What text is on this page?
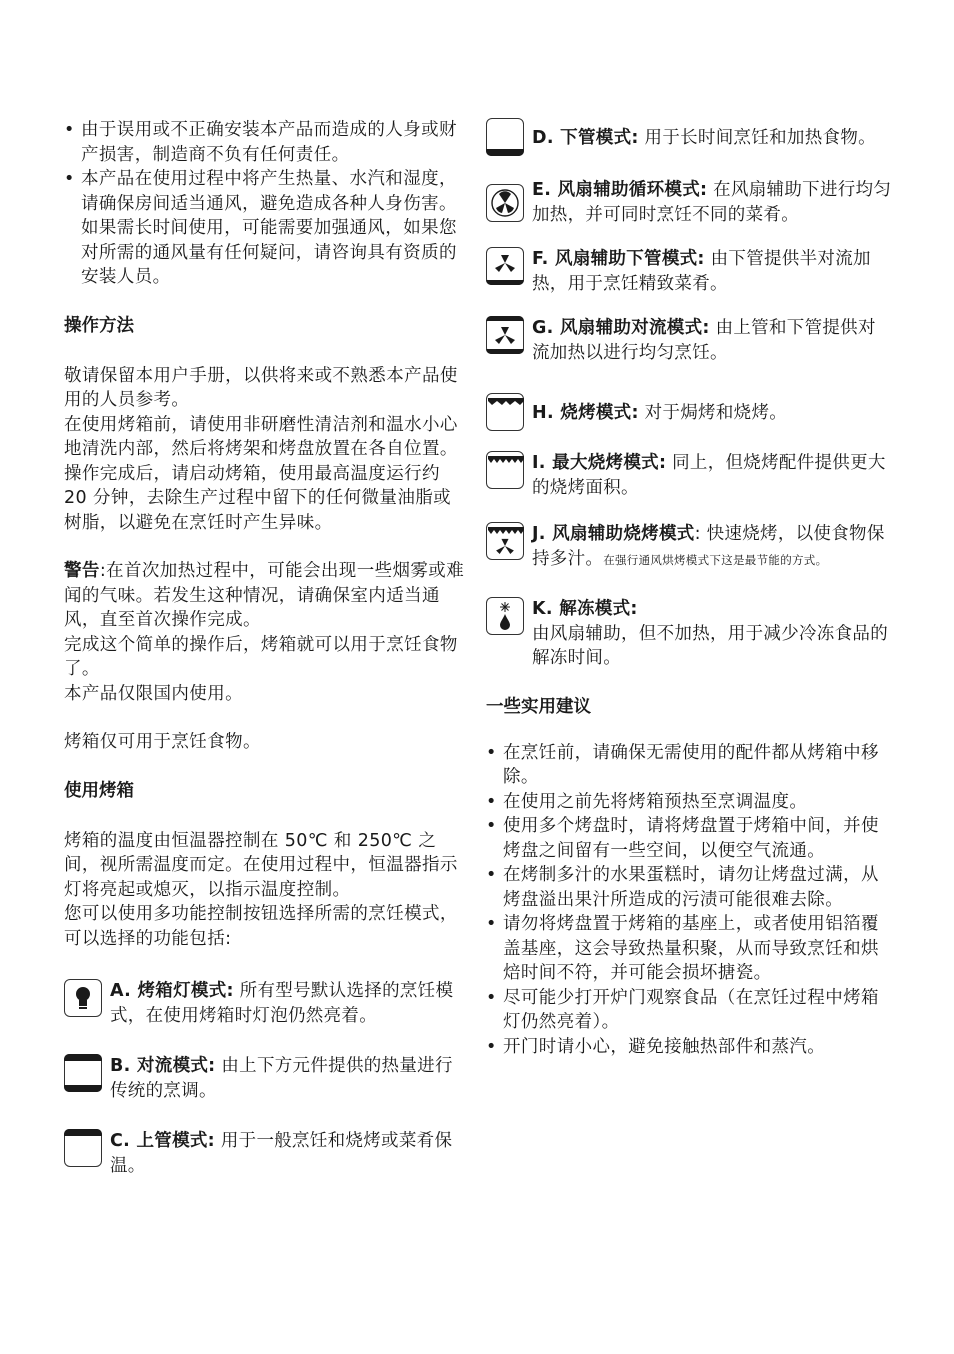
• 由于误用或不正确安装本产品而造成的人身或财产损害，制造商不负有任何责任。
• 本产品在使用过程中将产生热量、水汽和湿度，请确保房间适当通风，避免造成各种人身伤害。如果需长时间使用，可能需要加强通风，如果您对所需的通风量有任何疑问，请咨询具有资质的安装人员。

操作方法

敬请保留本用户手册，以供将来或不熟悉本产品使用的人员参考。

在使用烤箱前，请使用非研磨性清洁剂和温水小心地清洗内部，然后将烤架和烤盘放置在各自位置。操作完成后，请启动烤箱，使用最高温度运行约 20 分钟，去除生产过程中留下的任何微量油脂或树脂，以避免在烹饪时产生异味。

警告:在首次加热过程中，可能会出现一些烟雾或难闻的气味。若发生这种情况，请确保室内适当通风，直至首次操作完成。

完成这个简单的操作后，烤箱就可以用于烹饪食物了。

本产品仅限国内使用。

烤箱仅可用于烹饪食物。

使用烤箱

烤箱的温度由恒温器控制在 50℃ 和 250℃ 之间，视所需温度而定。在使用过程中，恒温器指示灯将亮起或熄灭，以指示温度控制。

您可以使用多功能控制按钮选择所需的烹饪模式，可以选择的功能包括:

A. 烤箱灯模式: 所有型号默认选择的烹饪模式，在使用烤箱时灯泡仍然亮着。
B. 对流模式: 由上下方元件提供的热量进行传统的烹调。
C. 上管模式: 用于一般烹饪和烧烤或菜肴保温。
D. 下管模式: 用于长时间烹饪和加热食物。
E. 风扇辅助循环模式: 在风扇辅助下进行均匀加热，并可同时烹饪不同的菜肴。
F. 风扇辅助下管模式: 由下管提供半对流加热，用于烹饪精致菜肴。
G. 风扇辅助对流模式: 由上管和下管提供对流加热以进行均匀烹饪。
H. 烧烤模式: 对于焗烤和烧烤。
I. 最大烧烤模式: 同上，但烧烤配件提供更大的烧烤面积。
J. 风扇辅助烧烤模式: 快速烧烤，以使食物保持多汁。在强行通风烘烤模式下这是最节能的方式。
K. 解冻模式:
由风扇辅助，但不加热，用于减少冷冻食品的解冻时间。

一些实用建议

• 在烹饪前，请确保无需使用的配件都从烤箱中移除。
• 在使用之前先将烤箱预热至烹调温度。
• 使用多个烤盘时，请将烤盘置于烤箱中间，并使烤盘之间留有一些空间，以便空气流通。
• 在烤制多汁的水果蛋糕时，请勿让烤盘过满，从烤盘溢出果汁所造成的污渍可能很难去除。
• 请勿将烤盘置于烤箱的基座上，或者使用铝箔覆盖基座，这会导致热量积聚，从而导致烹饪和烘焙时间不符，并可能会损坏搪瓷。
• 尽可能少打开炉门观察食品（在烹饪过程中烤箱灯仍然亮着）。
• 开门时请小心，避免接触热部件和蒸汽。
